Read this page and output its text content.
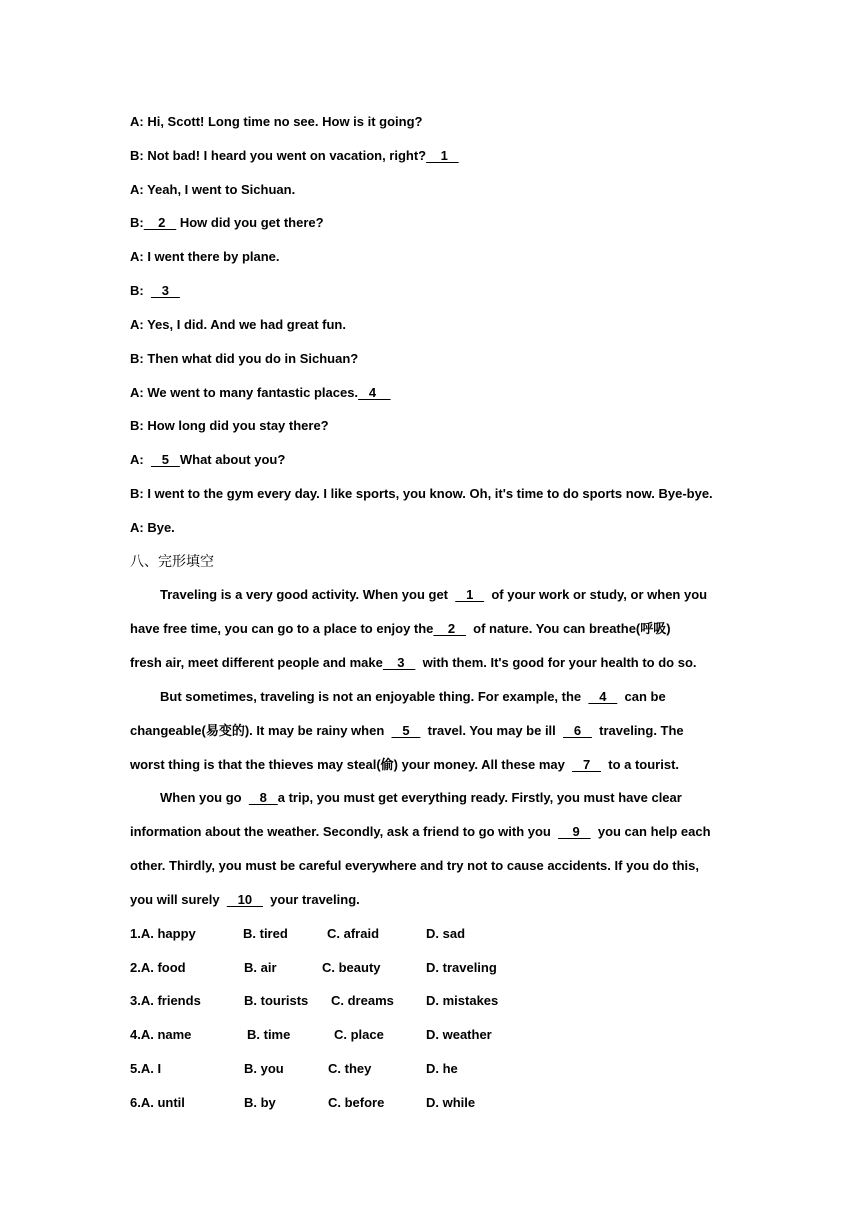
A: Hi, Scott! Long time no see. How is it going?
B: Not bad! I heard you went on vacation, right?    1
A: Yeah, I went to Sichuan.
B:    2    How did you get there?
A: I went there by plane.
B:     3
A: Yes, I did. And we had great fun.
B: Then what did you do in Sichuan?
A: We went to many fantastic places.   4
B: How long did you stay there?
A:     5   What about you?
B: I went to the gym every day. I like sports, you know. Oh, it's time to do sports now. Bye-bye.
A: Bye.
八、完形填空
Traveling is a very good activity. When you get     1     of your work or study, or when you
have free time, you can go to a place to enjoy the    2     of nature. You can breathe(呼吸)
fresh air, meet different people and make    3     with them. It's good for your health to do so.
But sometimes, traveling is not an enjoyable thing. For example, the     4     can be
changeable(易变的). It may be rainy when     5     travel. You may be ill     6     traveling. The
worst thing is that the thieves may steal(偷) your money. All these may     7     to a tourist.
When you go     8   a trip, you must get everything ready. Firstly, you must have clear
information about the weather. Secondly, ask a friend to go with you      9     you can help each
other. Thirdly, you must be careful everywhere and try not to cause accidents. If you do this,
you will surely     10     your traveling.
1.A. happy	B. tired	C. afraid	D. sad
2.A. food	B. air	C. beauty	D. traveling
3.A. friends	B. tourists C. dreams D. mistakes
4.A. name	B. time	C. place	D. weather
5.A. I	B. you	C. they	D. he
6.A. until	B. by	C. before	D. while
